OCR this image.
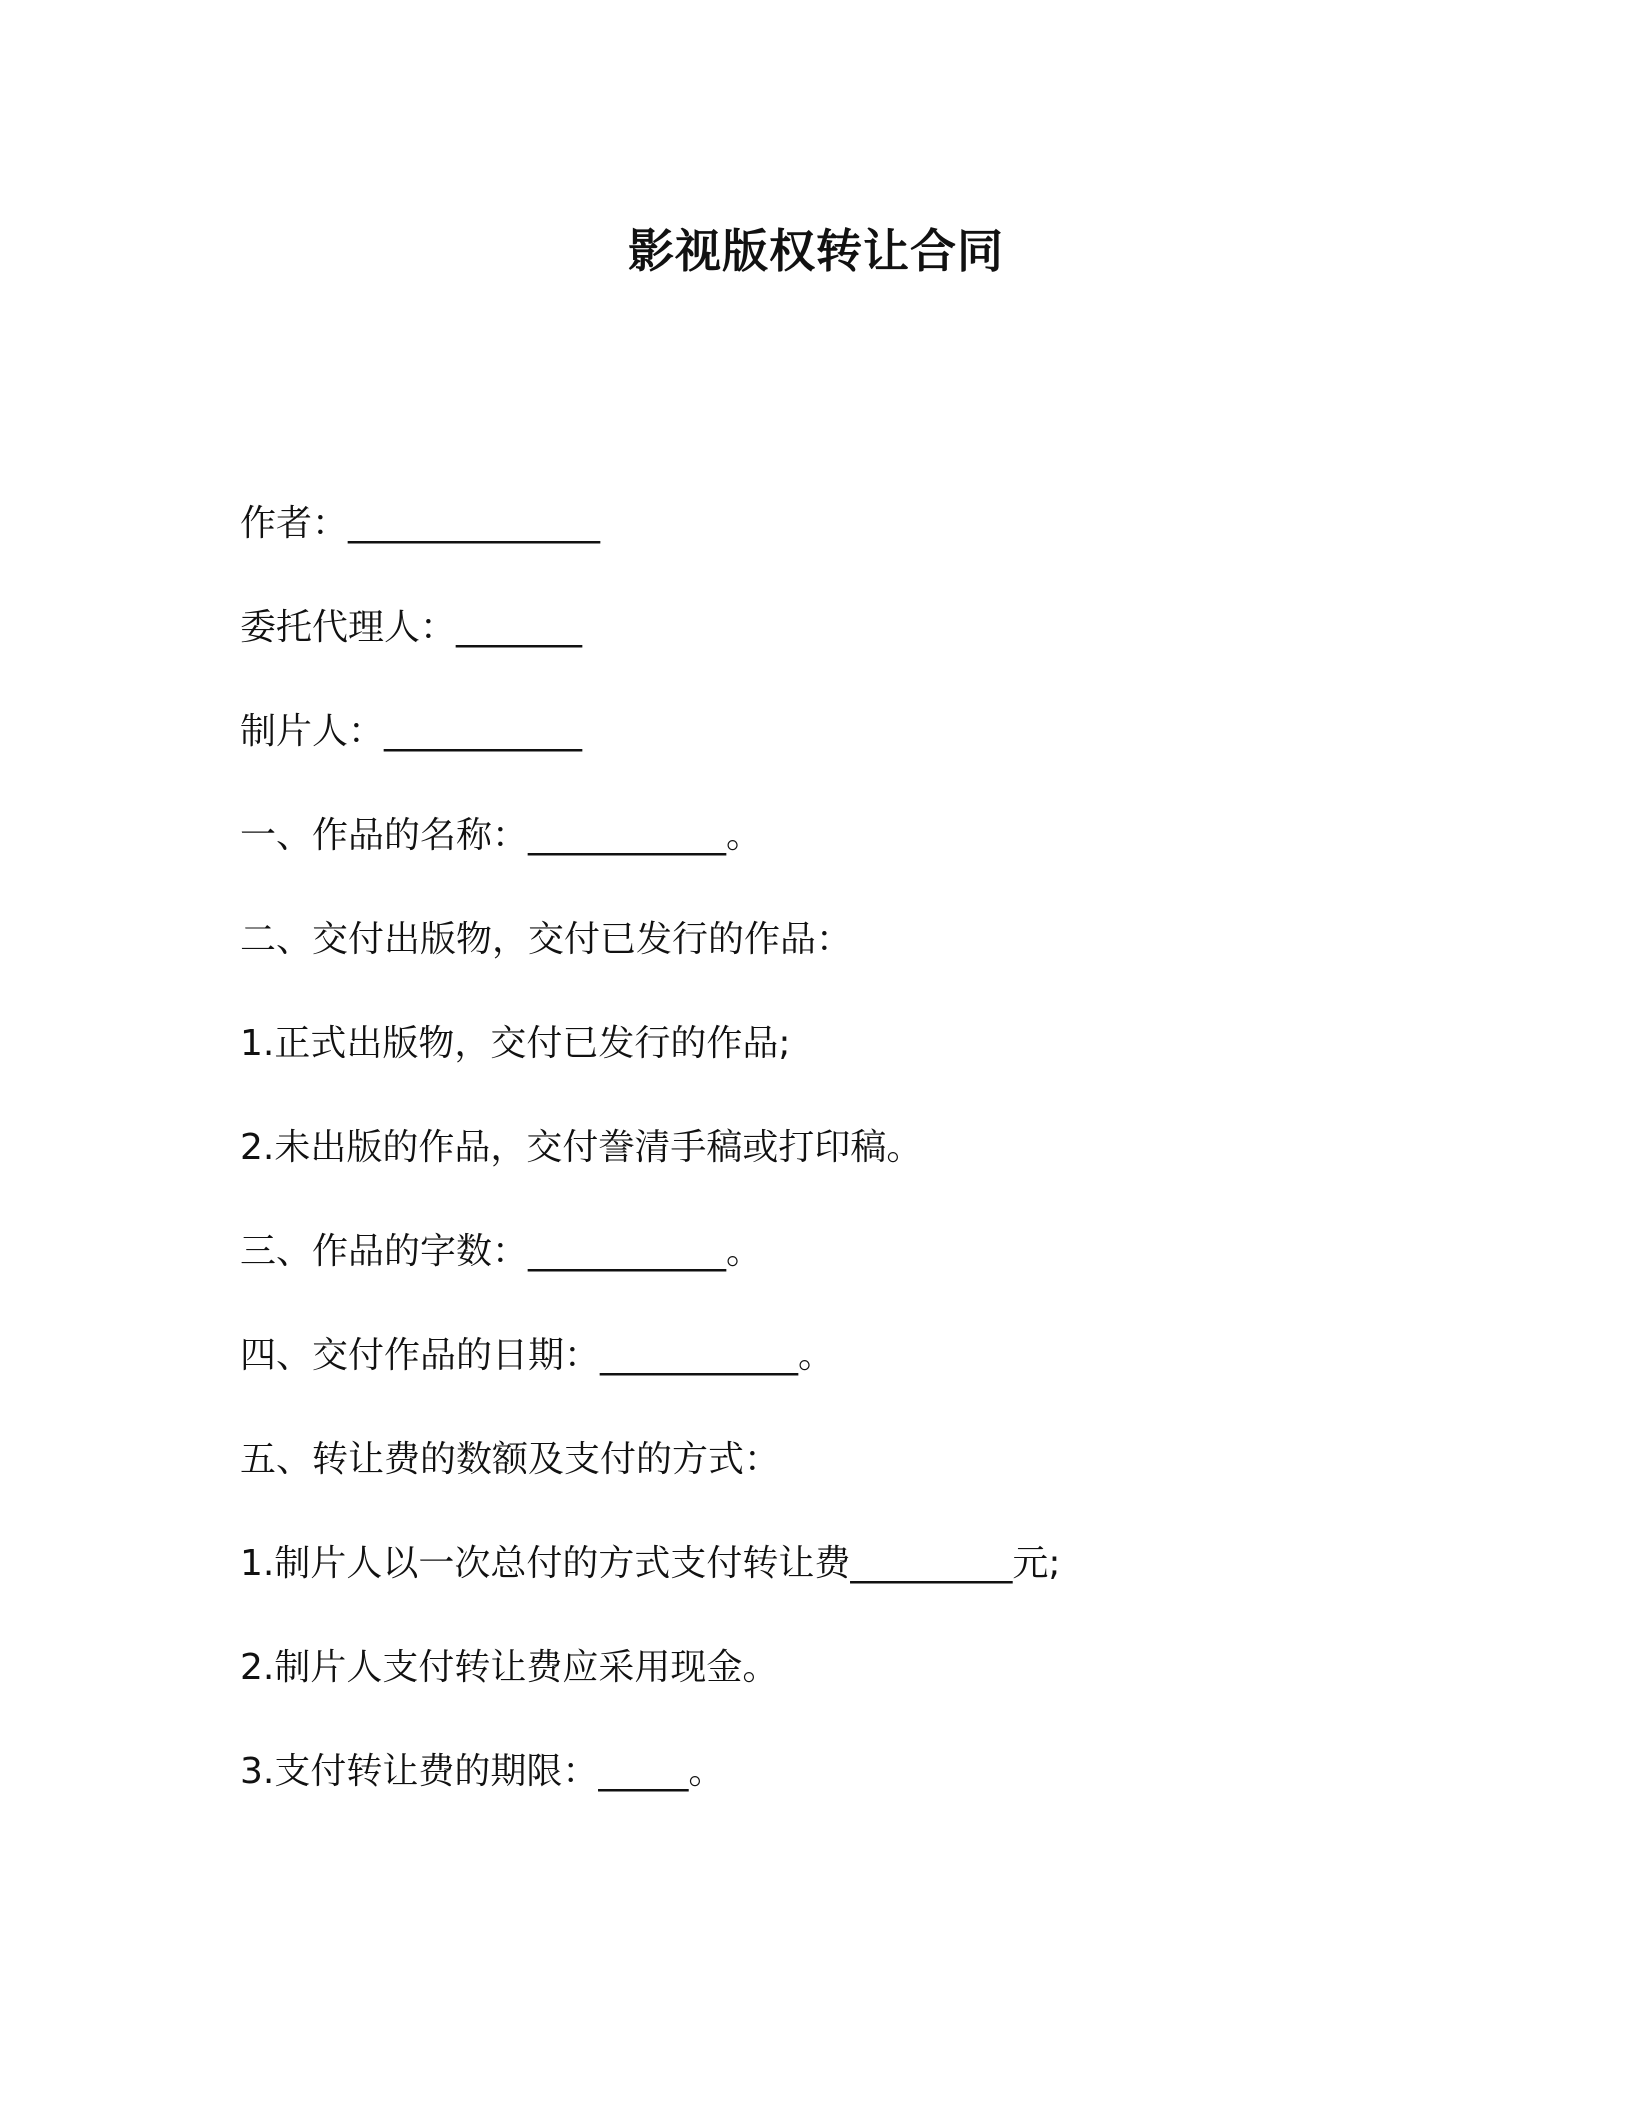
影视版权转让合同
作者：______________
委托代理人：_______
制片人：___________
一、作品的名称：___________。
二、交付出版物，交付已发行的作品：
1.正式出版物，交付已发行的作品;
2.未出版的作品，交付誊清手稿或打印稿。
三、作品的字数：___________。
四、交付作品的日期：___________。
五、转让费的数额及支付的方式：
1.制片人以一次总付的方式支付转让费_________元;
2.制片人支付转让费应采用现金。
3.支付转让费的期限：_____。
